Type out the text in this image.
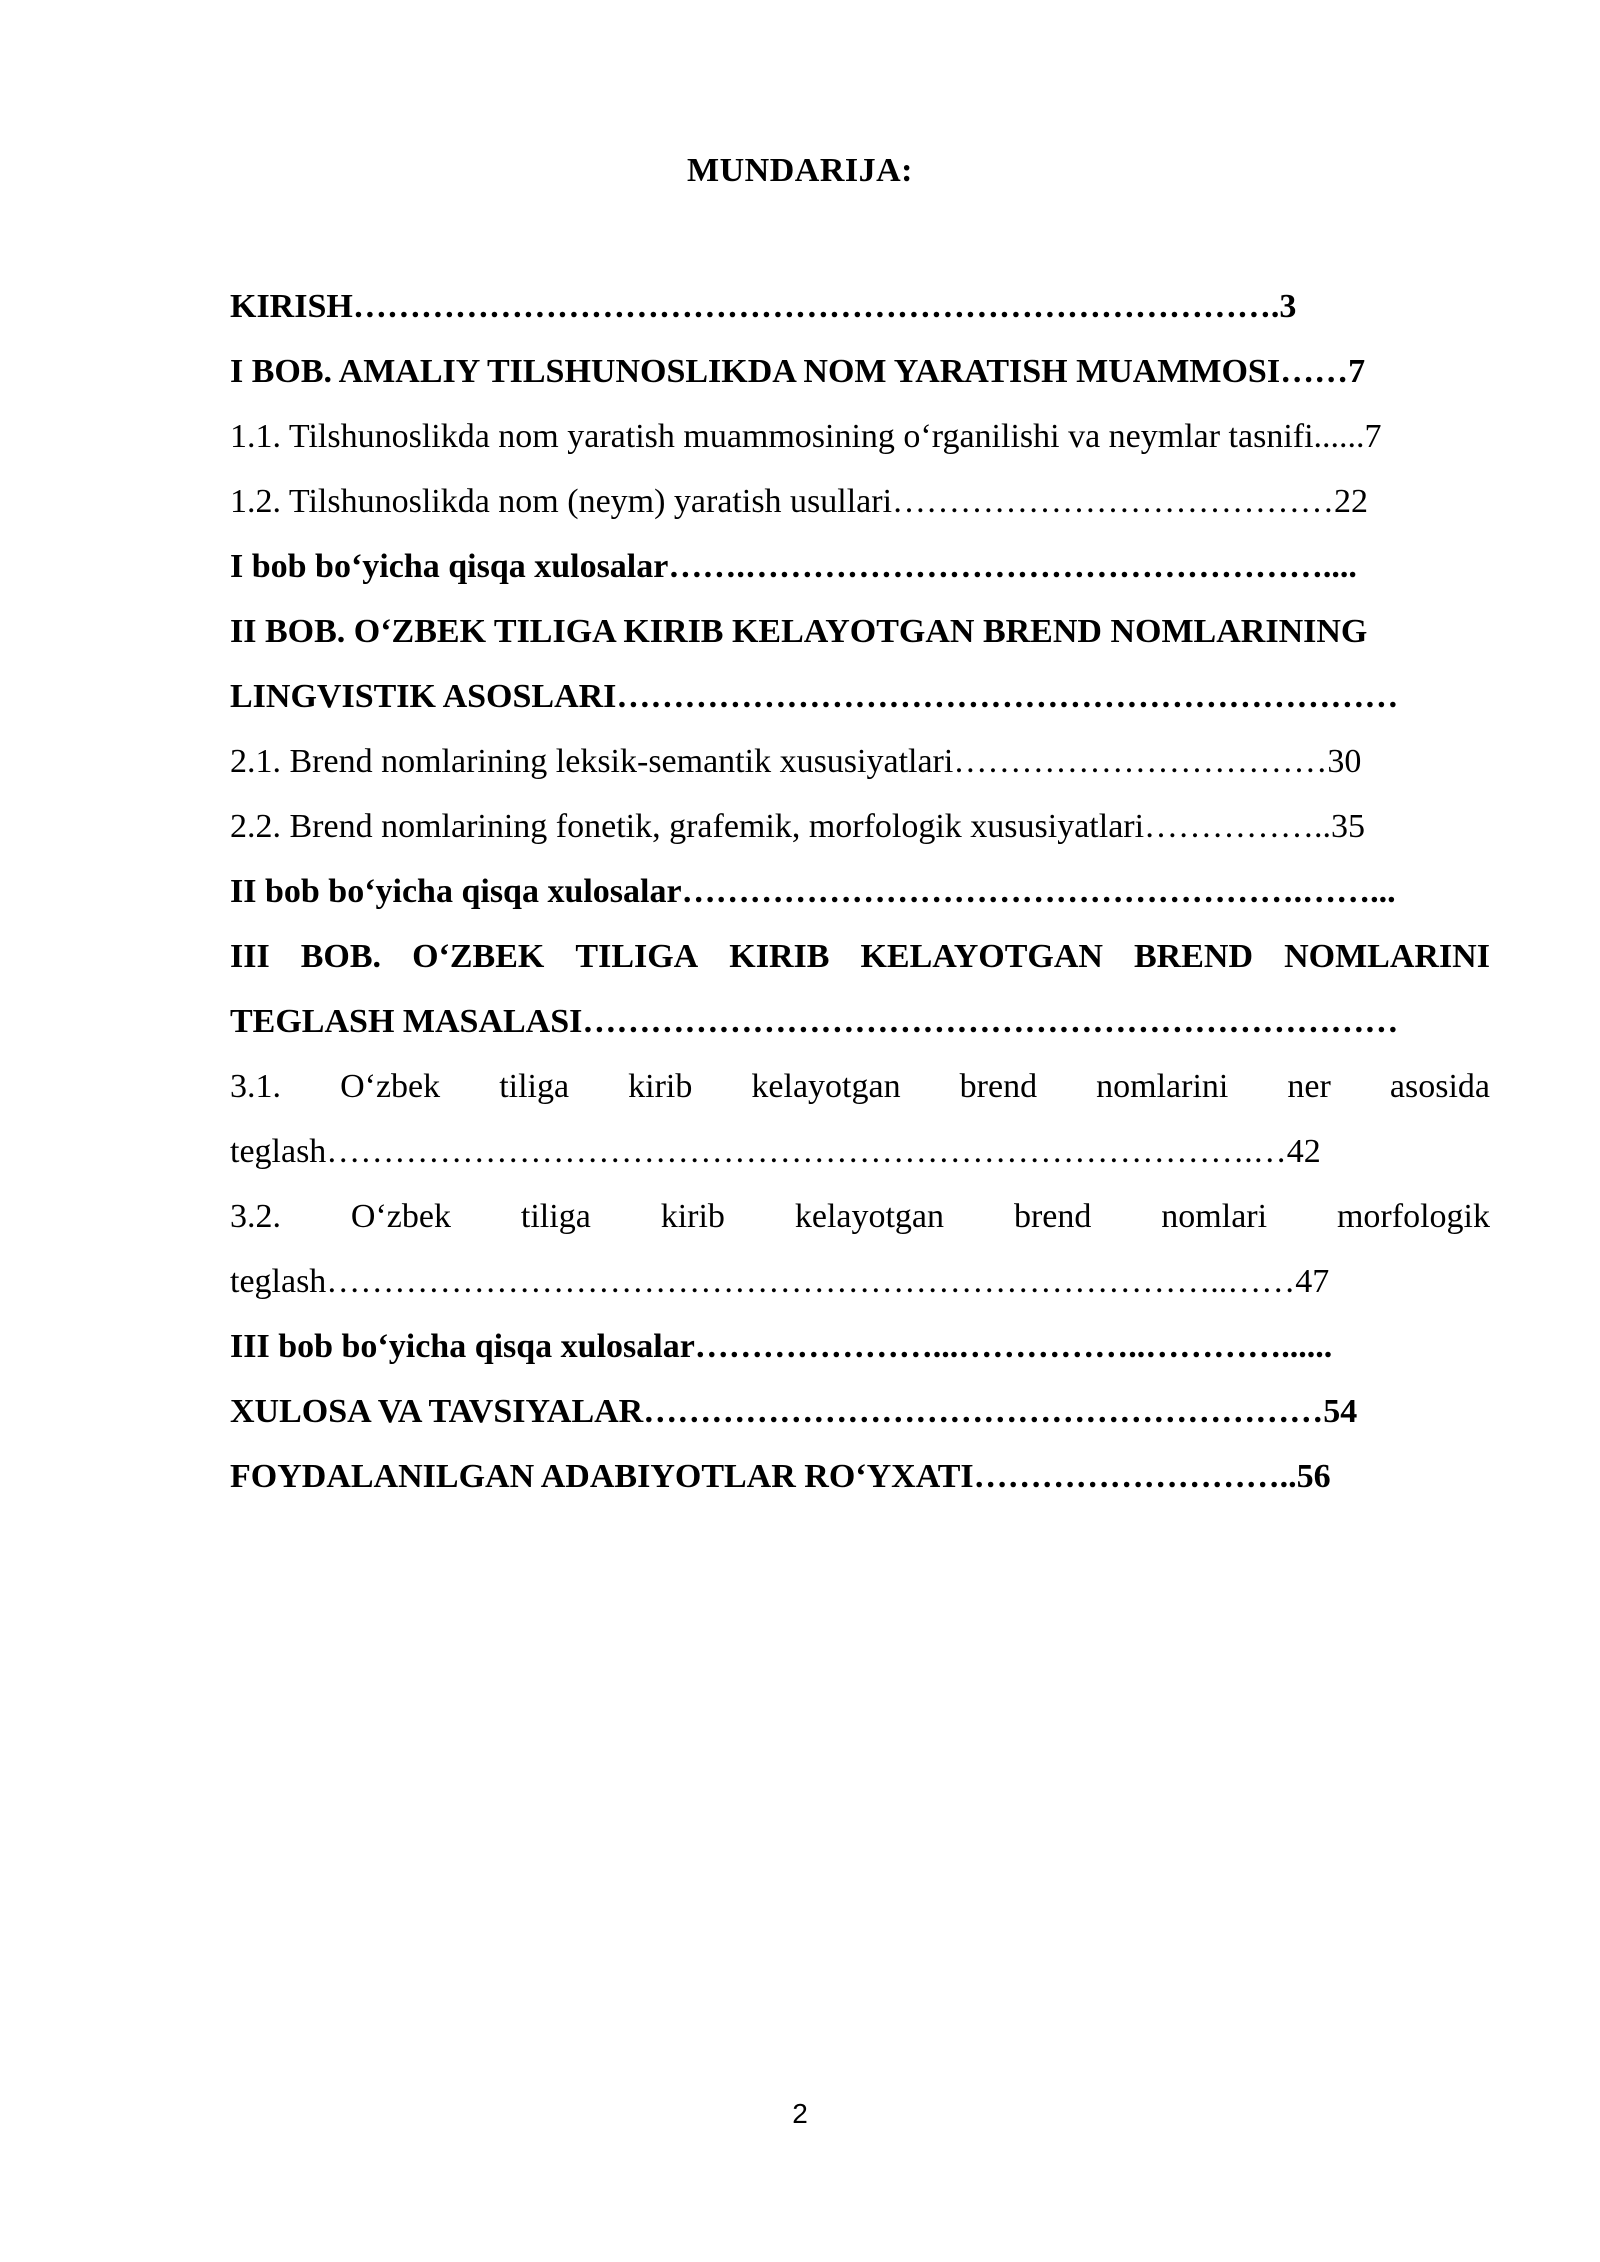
MUNDARIJA:
KIRISH……………………………………………………………………….3
I BOB. AMALIY TILSHUNOSLIKDA NOM YARATISH MUAMMOSI……7
1.1. Tilshunoslikda nom yaratish muammosining o‘rganilishi va neymlar tasnifi......7
1.2. Tilshunoslikda nom (neym) yaratish usullari…………………………………22
I bob bo‘yicha qisqa xulosalar…….……………………………………………....
II BOB. O‘ZBEK TILIGA KIRIB KELAYOTGAN BREND NOMLARINING
LINGVISTIK ASOSLARI……………………………………………………………
2.1. Brend nomlarining leksik-semantik xususiyatlari……………………………30
2.2. Brend nomlarining fonetik, grafemik, morfologik xususiyatlari……………..35
II bob bo‘yicha qisqa xulosalar……………………………………………….……...
III BOB. O‘ZBEK TILIGA KIRIB KELAYOTGAN BREND NOMLARINI
TEGLASH MASALASI………………………………………………………………
3.1. O‘zbek tiliga kirib kelayotgan brend nomlarini ner asosida
teglash……………………………………………………………………….…42
3.2. O‘zbek tiliga kirib kelayotgan brend nomlari morfologik
teglash……………………………………………………………………..……47
III bob bo‘yicha qisqa xulosalar…………………...……………..…………......
XULOSA VA TAVSIYALAR……………………………………………………54
FOYDALANILGAN ADABIYOTLAR RO‘YXATI………………………..56
2
